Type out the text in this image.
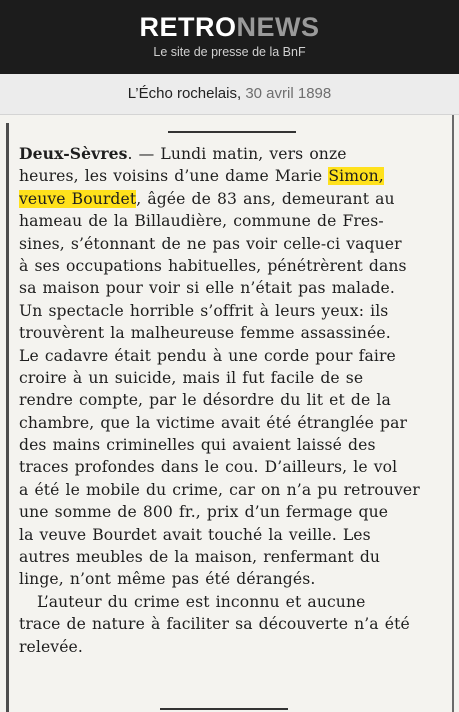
RETRONEWS
Le site de presse de la BnF
L’Écho rochelais, 30 avril 1898
Deux-Sèvres. — Lundi matin, vers onze
heures, les voisins d’une dame Marie Simon,
veuve Bourdet, âgée de 83 ans, demeurant au
hameau de la Billaudière, commune de Fres-
sines, s’étonnant de ne pas voir celle-ci vaquer
à ses occupations habituelles, pénétrèrent dans
sa maison pour voir si elle n’était pas malade.
Un spectacle horrible s’offrit à leurs yeux: ils
trouvèrent la malheureuse femme assassinée.
Le cadavre était pendu à une corde pour faire
croire à un suicide, mais il fut facile de se
rendre compte, par le désordre du lit et de la
chambre, que la victime avait été étranglée par
des mains criminelles qui avaient laissé des
traces profondes dans le cou. D’ailleurs, le vol
a été le mobile du crime, car on n’a pu retrouver
une somme de 800 fr., prix d’un fermage que
la veuve Bourdet avait touché la veille. Les
autres meubles de la maison, renfermant du
linge, n’ont même pas été dérangés.
L’auteur du crime est inconnu et aucune
trace de nature à faciliter sa découverte n’a été
relevée.
